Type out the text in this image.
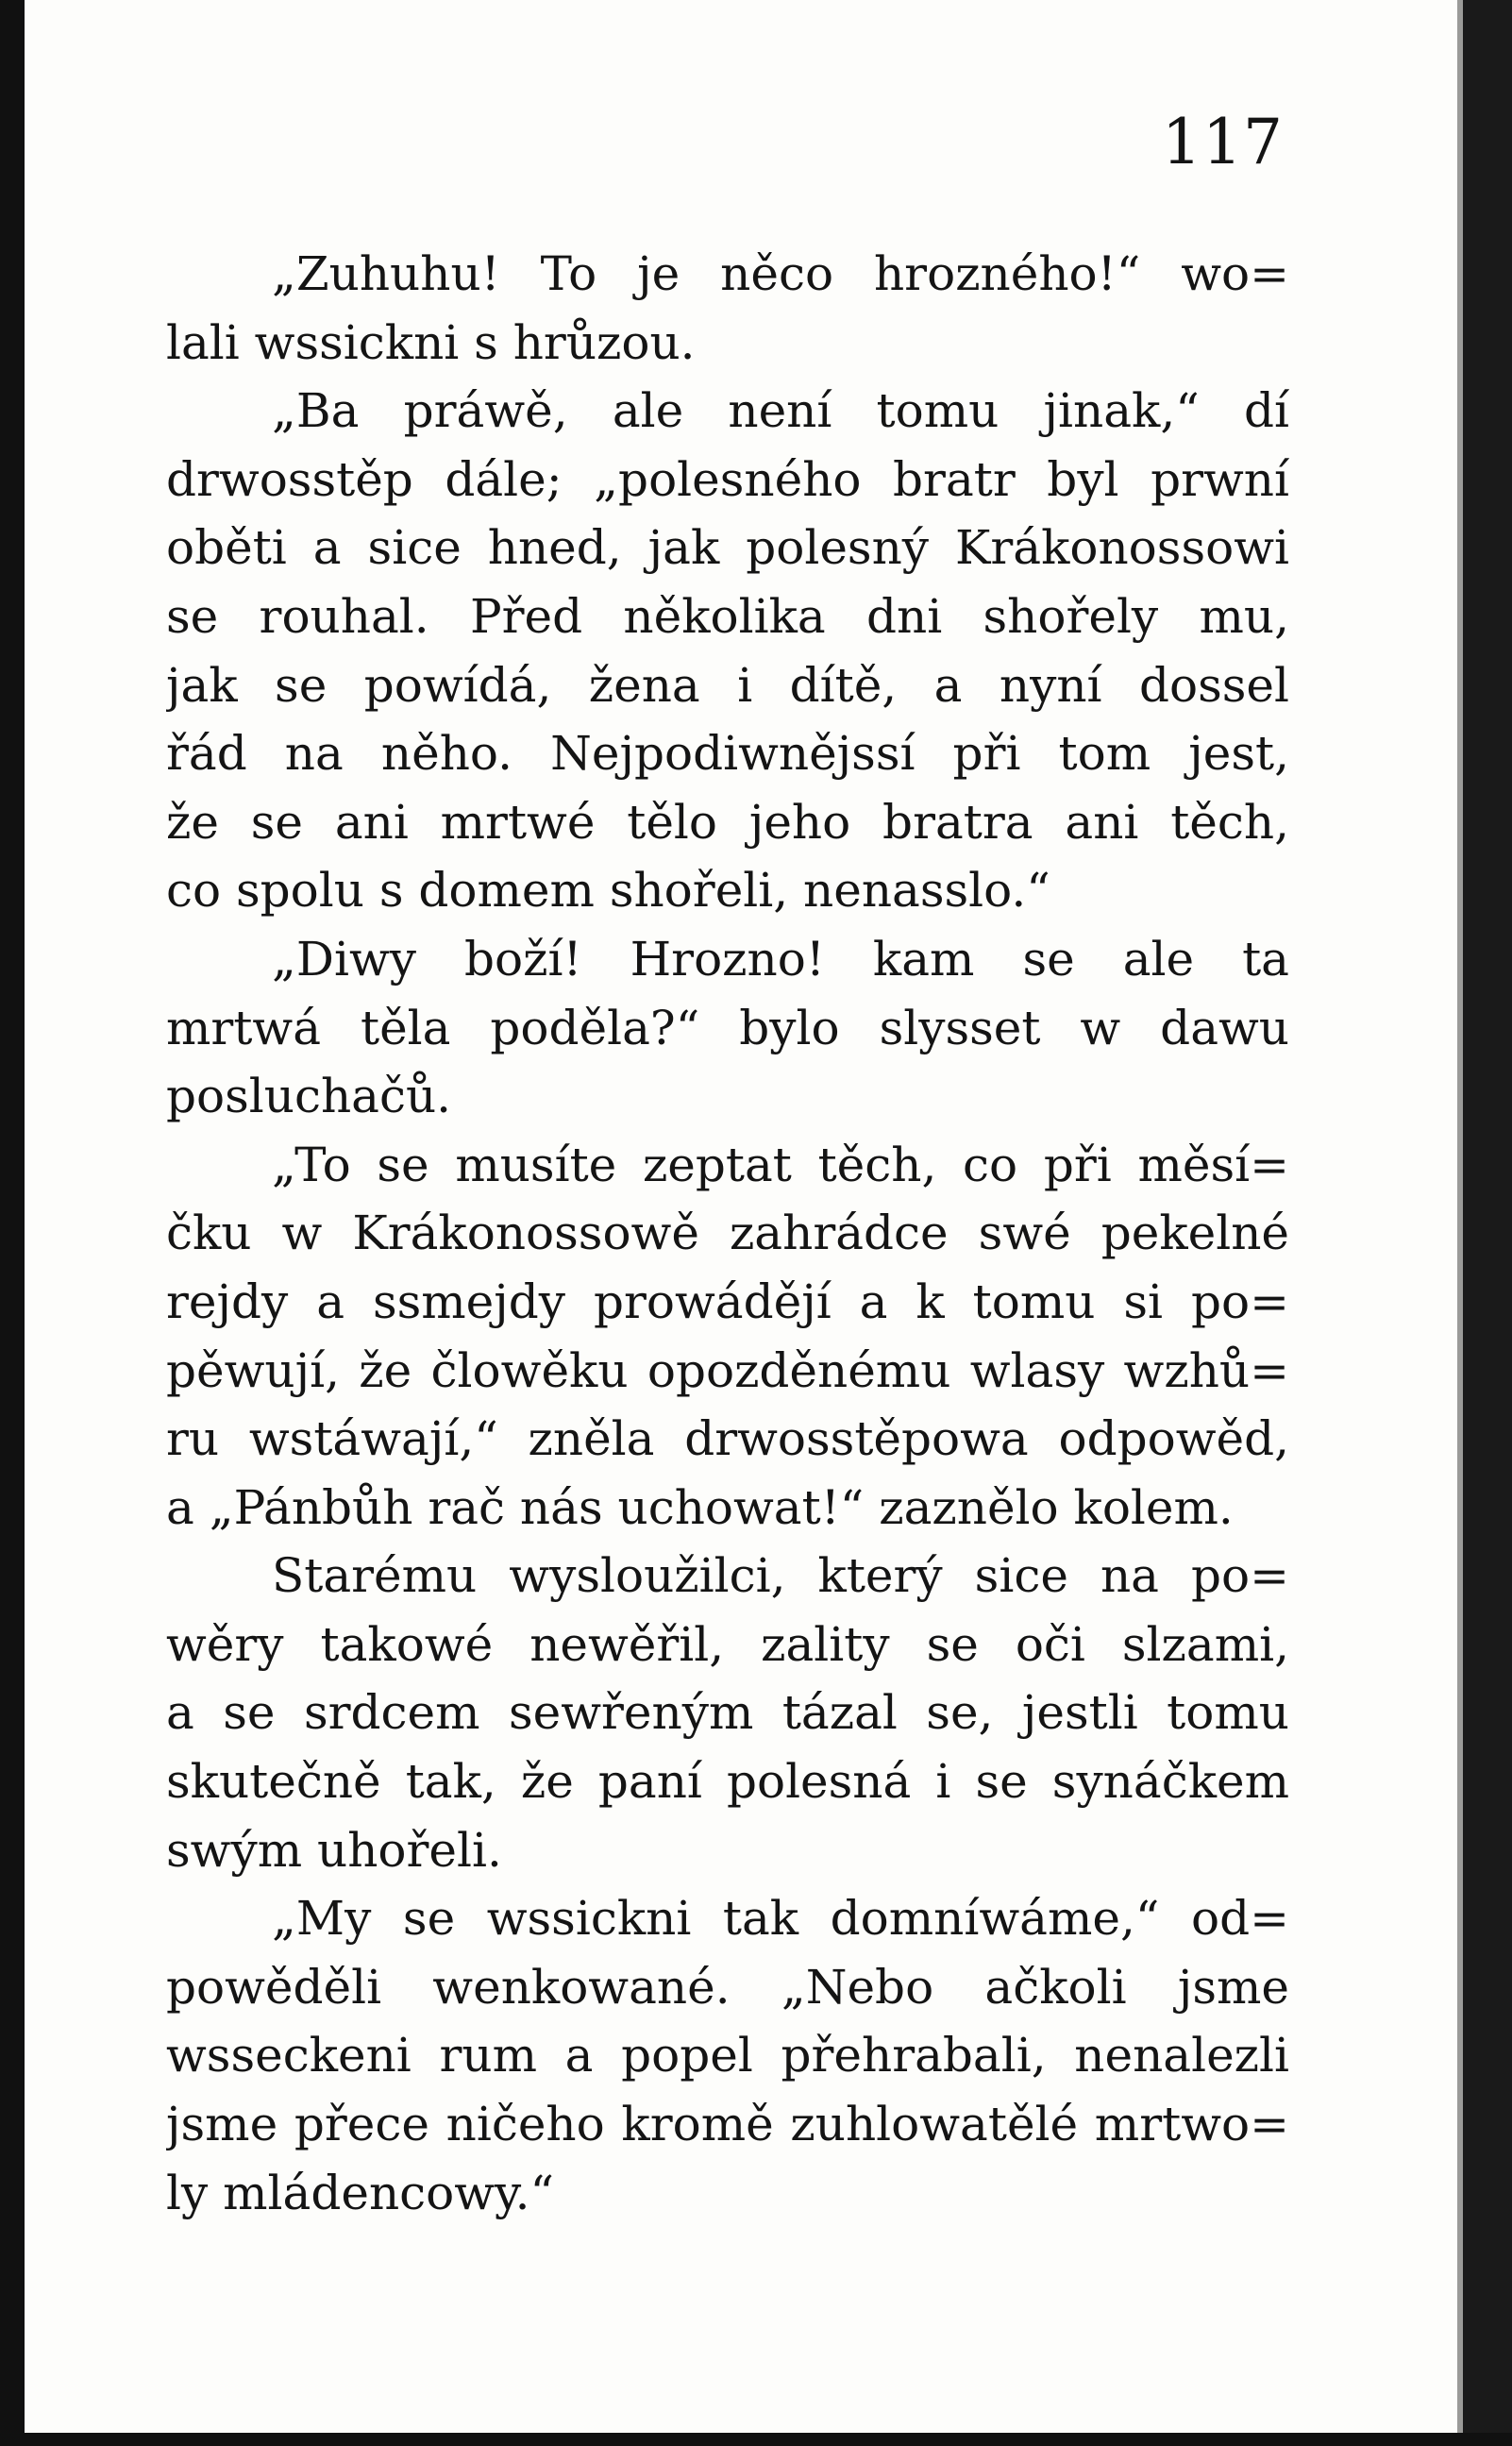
117
„Zuhuhu! To je něco hrozného!“ wo=
lali wssickni s hrůzou.
„Ba práwě, ale není tomu jinak,“ dí
drwosstěp dále; „polesného bratr byl prwní
oběti a sice hned, jak polesný Krákonossowi
se rouhal. Před několika dni shořely mu,
jak se powídá, žena i dítě, a nyní dossel
řád na něho. Nejpodiwnějssí při tom jest,
že se ani mrtwé tělo jeho bratra ani těch,
co spolu s domem shořeli, nenasslo.“
„Diwy boží! Hrozno! kam se ale ta
mrtwá těla poděla?“ bylo slysset w dawu
posluchačů.
„To se musíte zeptat těch, co při měsí=
čku w Krákonossowě zahrádce swé pekelné
rejdy a ssmejdy prowádějí a k tomu si po=
pěwují, že člowěku opozděnému wlasy wzhů=
ru wstáwají,“ zněla drwosstěpowa odpowěd,
a „Pánbůh rač nás uchowat!“ zaznělo kolem.
Starému wysloužilci, který sice na po=
wěry takowé newěřil, zality se oči slzami,
a se srdcem sewřeným tázal se, jestli tomu
skutečně tak, že paní polesná i se synáčkem
swým uhořeli.
„My se wssickni tak domníwáme,“ od=
powěděli wenkowané. „Nebo ačkoli jsme
wsseckeni rum a popel přehrabali, nenalezli
jsme přece ničeho kromě zuhlowatělé mrtwo=
ly mládencowy.“
